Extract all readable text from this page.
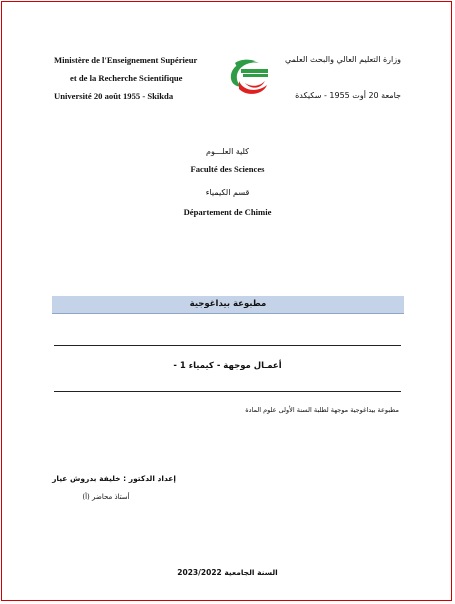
Ministère de l'Enseignement Supérieur
et de la Recherche Scientifique
Université 20 août 1955 - Skikda
وزارة التعليم العالي والبحث العلمي
جامعة 20 أوت 1955 - سكيكدة
كلية العلـــوم
Faculté des Sciences
قسم الكيمياء
Département de Chimie
مطبوعة بيداغوجية
أعمـال موجهة - كيمياء 1 -
مطبوعة بيداغوجية موجهة لطلبة السنة الأولى علوم المادة
إعداد الدكتور : خليفة بدروش عيار
أستاذ محاضر (أ)
السنة الجامعية 2023/2022
